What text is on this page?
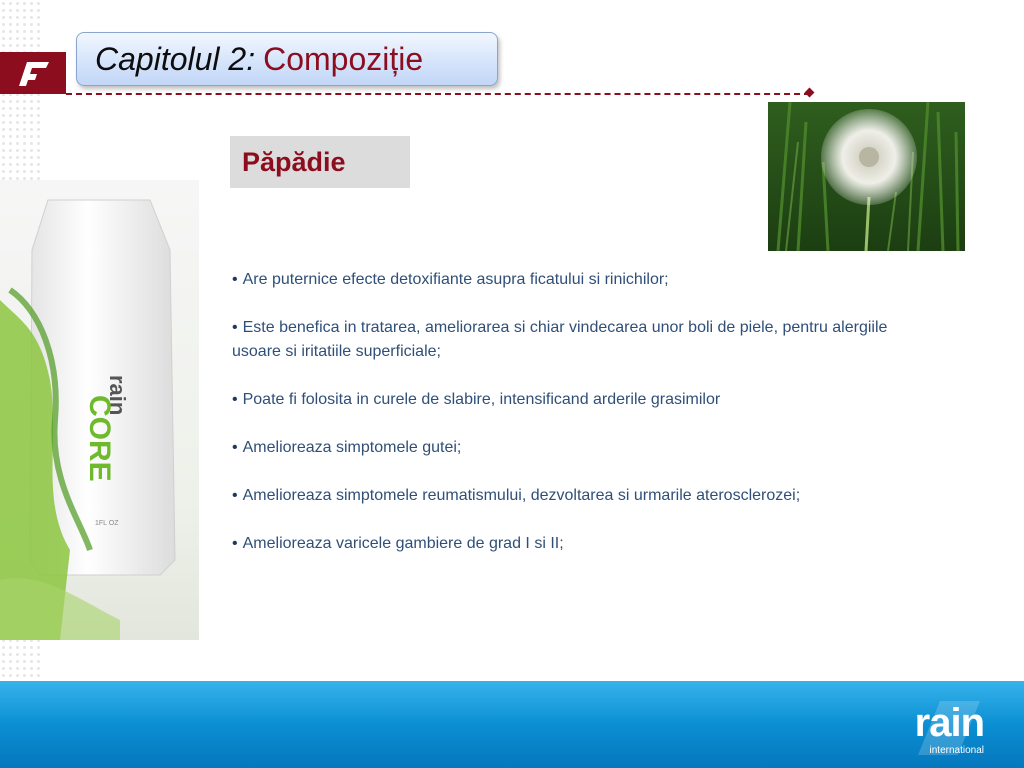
Capitolul 2: Compoziție
Păpădie
rain
CORE
1FL OZ
• Are puternice efecte detoxifiante asupra ficatului si rinichilor;
• Este benefica in tratarea, ameliorarea si chiar vindecarea unor boli de piele, pentru alergiile usoare si iritatiile superficiale;
• Poate fi folosita in curele de slabire, intensificand arderile grasimilor
• Amelioreaza simptomele gutei;
• Amelioreaza simptomele reumatismului, dezvoltarea si urmarile aterosclerozei;
• Amelioreaza varicele gambiere de grad I si II;
rain
international
